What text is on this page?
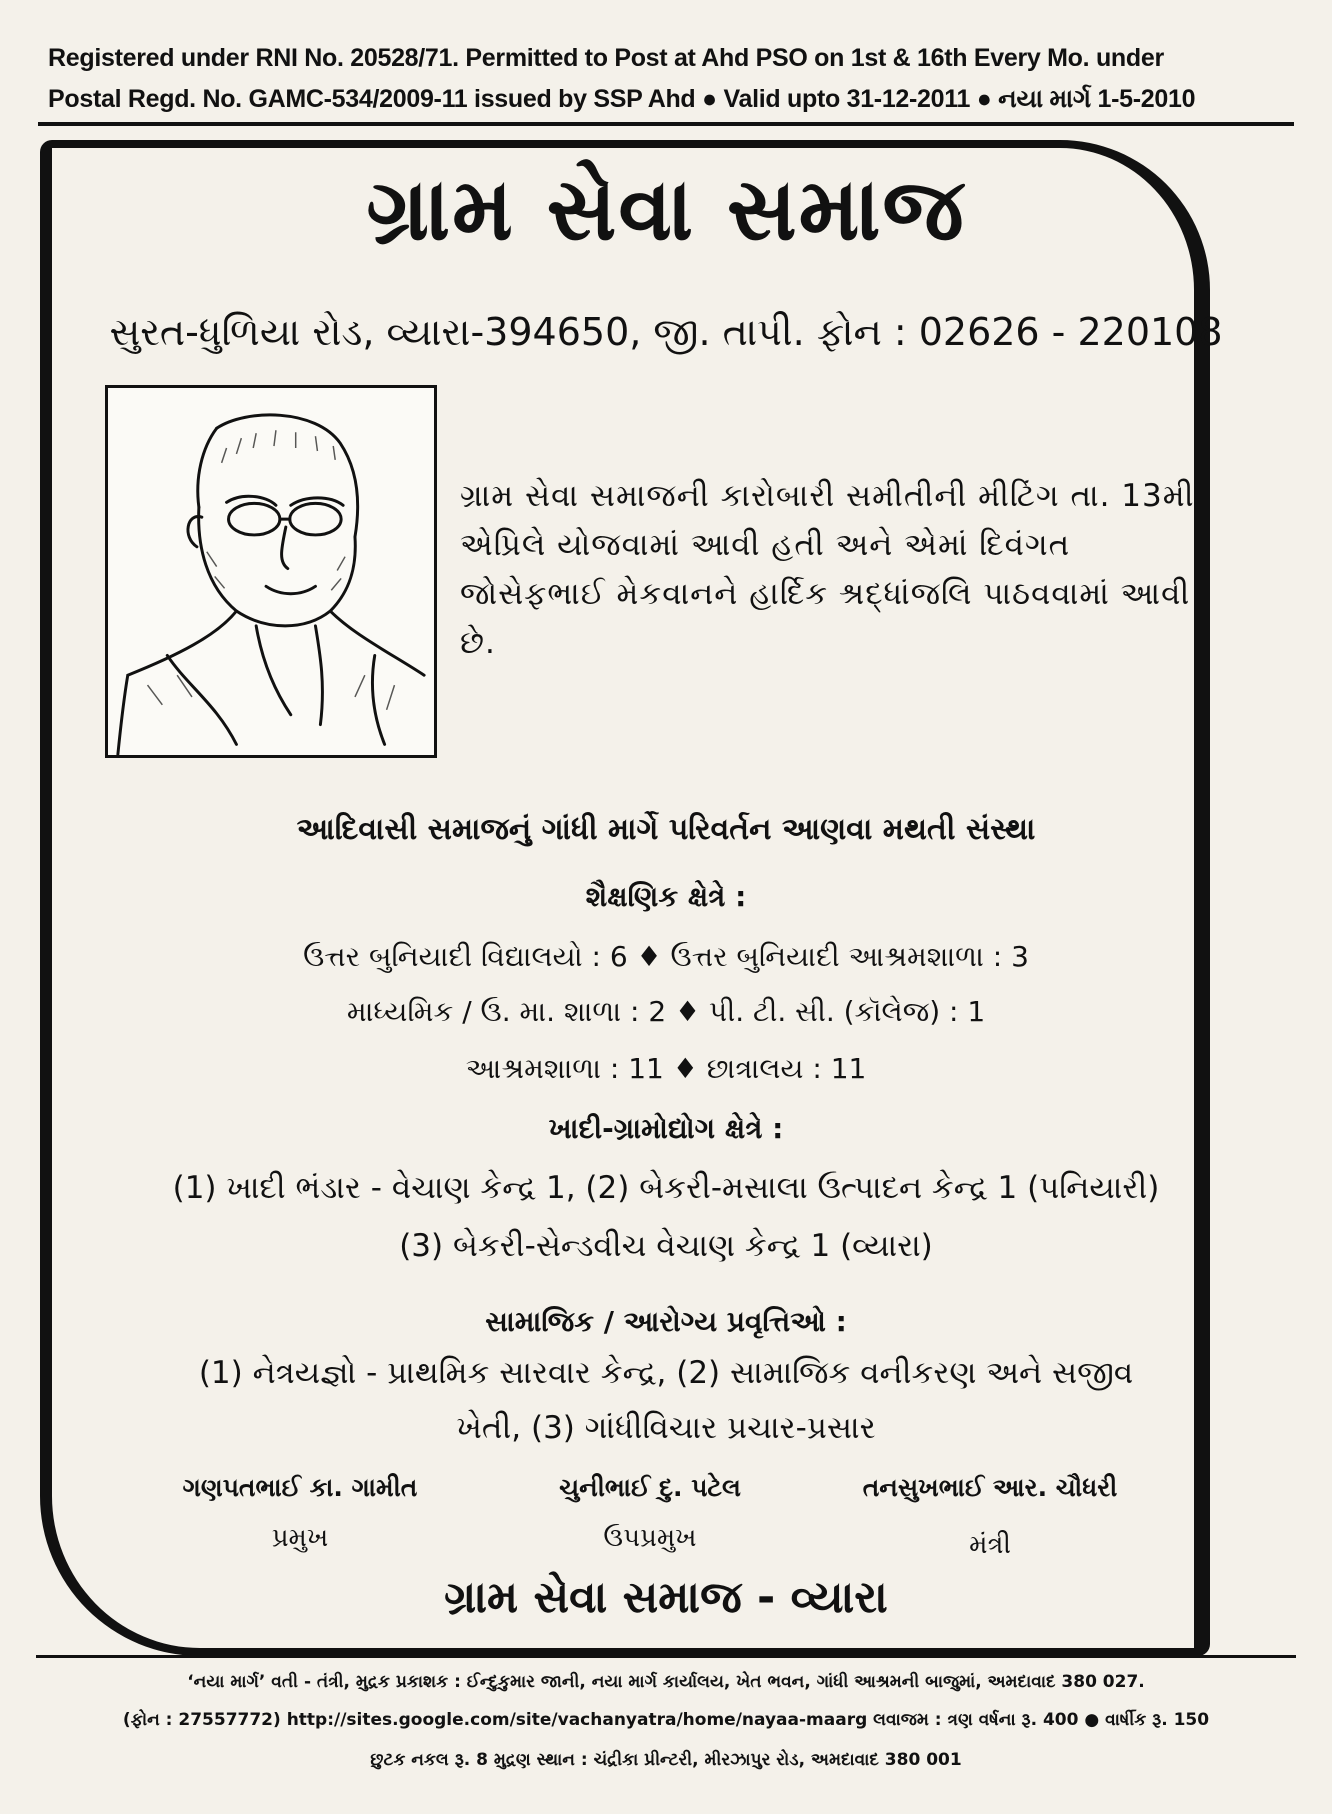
Registered under RNI No. 20528/71. Permitted to Post at Ahd PSO on 1st & 16th Every Mo. under
Postal Regd. No. GAMC-534/2009-11 issued by SSP Ahd ● Valid upto 31-12-2011 ● નયા માર્ગ 1-5-2010
ગ્રામ સેવા સમાજ
સુરત-ધુળિયા રોડ, વ્યારા-394650, જી. તાપી. ફોન : 02626 - 220108
ગ્રામ સેવા સમાજની કારોબારી સમીતીની મીટિંગ તા. 13મી એપ્રિલે યોજવામાં આવી હતી અને એમાં દિવંગત જોસેફભાઈ મેકવાનને હાર્દિક શ્રદ્ધાંજલિ પાઠવવામાં આવી છે.
આદિવાસી સમાજનું ગાંધી માર્ગે પરિવર્તન આણવા મથતી સંસ્થા
શૈક્ષણિક ક્ષેત્રે :
ઉત્તર બુનિયાદી વિદ્યાલયો : 6 ♦ ઉત્તર બુનિયાદી આશ્રમશાળા : 3
માધ્યમિક / ઉ. મા. શાળા : 2 ♦ પી. ટી. સી. (કૉલેજ) : 1
આશ્રમશાળા : 11 ♦ છાત્રાલય : 11
ખાદી-ગ્રામોદ્યોગ ક્ષેત્રે :
(1) ખાદી ભંડાર - વેચાણ કેન્દ્ર 1, (2) બેકરી-મસાલા ઉત્પાદન કેન્દ્ર 1 (પનિયારી)
(3) બેકરી-સેન્ડવીચ વેચાણ કેન્દ્ર 1 (વ્યારા)
સામાજિક / આરોગ્ય પ્રવૃત્તિઓ :
(1) નેત્રયજ્ઞો - પ્રાથમિક સારવાર કેન્દ્ર, (2) સામાજિક વનીકરણ અને સજીવ
ખેતી, (3) ગાંધીવિચાર પ્રચાર-પ્રસાર
ગણપતભાઈ કા. ગામીત	ચુનીભાઈ દુ. પટેલ	તનસુખભાઈ આર. ચૌધરી
પ્રમુખ	ઉપપ્રમુખ	મંત્રી
ગ્રામ સેવા સમાજ - વ્યારા
‘નયા માર્ગ’ વતી - તંત્રી, મુદ્રક પ્રકાશક : ઈન્દુકુમાર જાની, નયા માર્ગ કાર્યાલય, ખેત ભવન, ગાંધી આશ્રમની બાજુમાં, અમદાવાદ 380 027.
(ફોન : 27557772) http://sites.google.com/site/vachanyatra/home/nayaa-maarg લવાજમ : ત્રણ વર્ષના રૂ. 400 ● વાર્ષીક રૂ. 150
છુટક નકલ રૂ. 8 મુદ્રણ સ્થાન : ચંદ્રીકા પ્રીન્ટરી, મીરઝાપુર રોડ, અમદાવાદ 380 001
